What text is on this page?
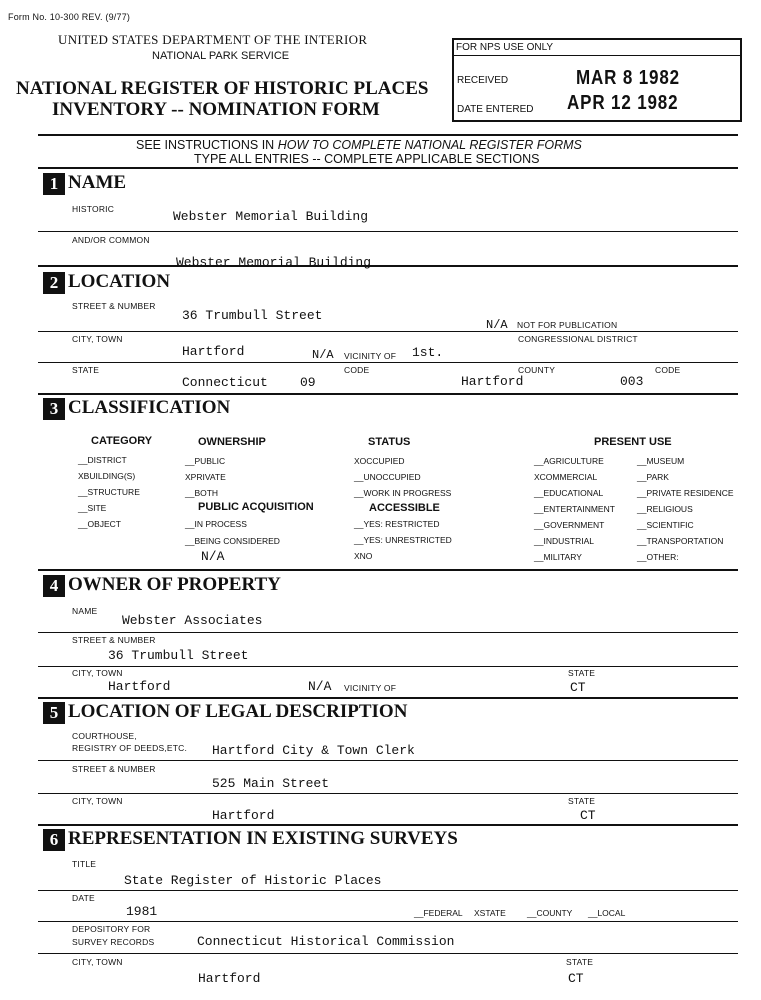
Form No. 10-300 REV. (9/77)
UNITED STATES DEPARTMENT OF THE INTERIOR
NATIONAL PARK SERVICE
NATIONAL REGISTER OF HISTORIC PLACES
INVENTORY -- NOMINATION FORM
FOR NPS USE ONLY
RECEIVED	MAR 8 1982
DATE ENTERED APR 12 1982
SEE INSTRUCTIONS IN HOW TO COMPLETE NATIONAL REGISTER FORMS
TYPE ALL ENTRIES -- COMPLETE APPLICABLE SECTIONS
1 NAME
HISTORIC	Webster Memorial Building
AND/OR COMMON
Webster Memorial Building
2 LOCATION
STREET & NUMBER
36 Trumbull Street
N/A NOT FOR PUBLICATION
CITY, TOWN	CONGRESSIONAL DISTRICT
Hartford	N/A VICINITY OF 1st.
STATE	CODE	COUNTY	CODE
Connecticut 09	Hartford	003
3 CLASSIFICATION
CATEGORY
__DISTRICT
XBUILDING(S)
__STRUCTURE
__SITE
__OBJECT
OWNERSHIP
__PUBLIC
XPRIVATE
__BOTH
PUBLIC ACQUISITION
__IN PROCESS
__BEING CONSIDERED
N/A
STATUS
XOCCUPIED
__UNOCCUPIED
__WORK IN PROGRESS
ACCESSIBLE
__YES: RESTRICTED
__YES: UNRESTRICTED
XNO
PRESENT USE
__AGRICULTURE
XCOMMERCIAL
__EDUCATIONAL
__ENTERTAINMENT
__GOVERNMENT
__INDUSTRIAL
__MILITARY
__MUSEUM
__PARK
__PRIVATE RESIDENCE
__RELIGIOUS
__SCIENTIFIC
__TRANSPORTATION
__OTHER:
4 OWNER OF PROPERTY
NAME
Webster Associates
STREET & NUMBER
36 Trumbull Street
CITY, TOWN	STATE
Hartford	N/A VICINITY OF	CT
5 LOCATION OF LEGAL DESCRIPTION
COURTHOUSE,
REGISTRY OF DEEDS,ETC. Hartford City & Town Clerk
STREET & NUMBER
525 Main Street
CITY, TOWN	STATE
Hartford	CT
6 REPRESENTATION IN EXISTING SURVEYS
TITLE
State Register of Historic Places
DATE
1981	__FEDERAL XSTATE __COUNTY __LOCAL
DEPOSITORY FOR
SURVEY RECORDS	Connecticut Historical Commission
CITY, TOWN	STATE
Hartford	CT
